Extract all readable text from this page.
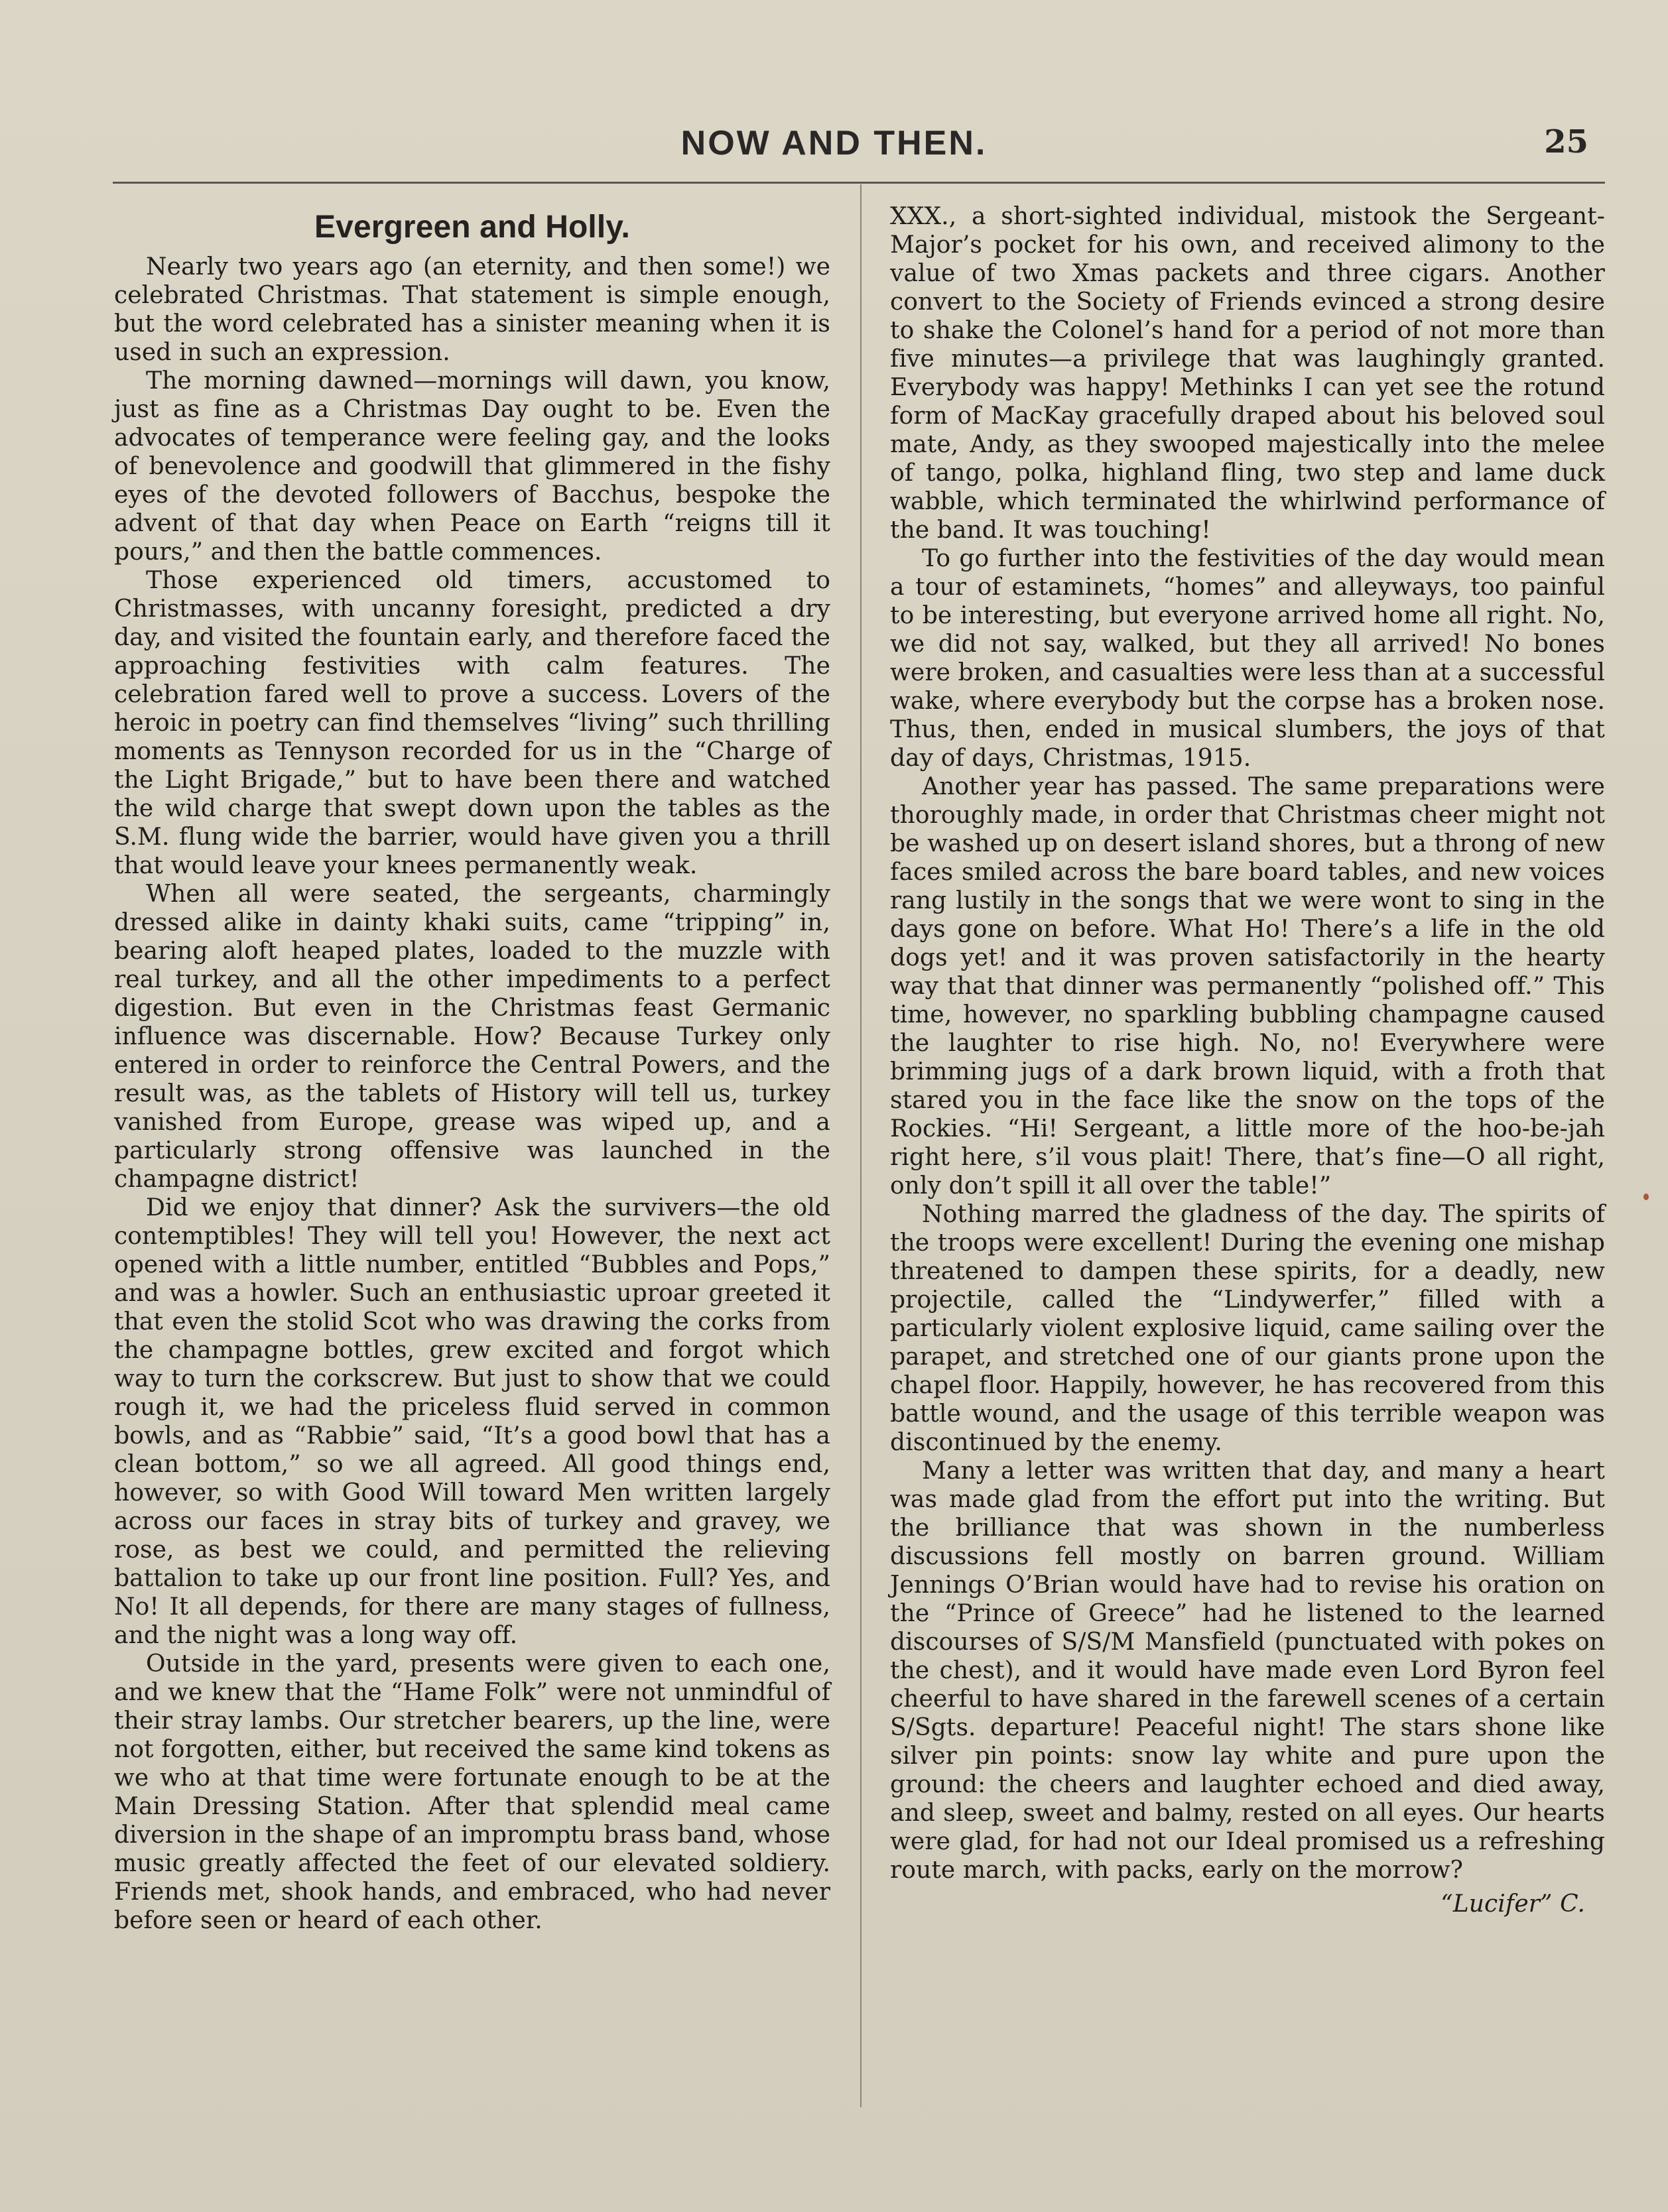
NOW AND THEN.	25
Evergreen and Holly.

Nearly two years ago (an eternity, and then some!) we celebrated Christmas. That statement is simple enough, but the word celebrated has a sinister meaning when it is used in such an expression.

The morning dawned—mornings will dawn, you know, just as fine as a Christmas Day ought to be. Even the advocates of temperance were feeling gay, and the looks of benevolence and goodwill that glimmered in the fishy eyes of the devoted followers of Bacchus, bespoke the advent of that day when Peace on Earth “reigns till it pours,” and then the battle commences.

Those experienced old timers, accustomed to Christmasses, with uncanny foresight, predicted a dry day, and visited the fountain early, and therefore faced the approaching festivities with calm features. The celebration fared well to prove a success. Lovers of the heroic in poetry can find themselves “living” such thrilling moments as Tennyson recorded for us in the “Charge of the Light Brigade,” but to have been there and watched the wild charge that swept down upon the tables as the S.M. flung wide the barrier, would have given you a thrill that would leave your knees permanently weak.

When all were seated, the sergeants, charmingly dressed alike in dainty khaki suits, came “tripping” in, bearing aloft heaped plates, loaded to the muzzle with real turkey, and all the other impediments to a perfect digestion. But even in the Christmas feast Germanic influence was discernable. How? Because Turkey only entered in order to reinforce the Central Powers, and the result was, as the tablets of History will tell us, turkey vanished from Europe, grease was wiped up, and a particularly strong offensive was launched in the champagne district!

Did we enjoy that dinner? Ask the survivers—the old contemptibles! They will tell you! However, the next act opened with a little number, entitled “Bubbles and Pops,” and was a howler. Such an enthusiastic uproar greeted it that even the stolid Scot who was drawing the corks from the champagne bottles, grew excited and forgot which way to turn the corkscrew. But just to show that we could rough it, we had the priceless fluid served in common bowls, and as “Rabbie” said, “It’s a good bowl that has a clean bottom,” so we all agreed. All good things end, however, so with Good Will toward Men written largely across our faces in stray bits of turkey and gravey, we rose, as best we could, and permitted the relieving battalion to take up our front line position. Full? Yes, and No! It all depends, for there are many stages of fullness, and the night was a long way off.

Outside in the yard, presents were given to each one, and we knew that the “Hame Folk” were not unmindful of their stray lambs. Our stretcher bearers, up the line, were not forgotten, either, but received the same kind tokens as we who at that time were fortunate enough to be at the Main Dressing Station. After that splendid meal came diversion in the shape of an impromptu brass band, whose music greatly affected the feet of our elevated soldiery. Friends met, shook hands, and embraced, who had never before seen or heard of each other.

XXX., a short-sighted individual, mistook the Sergeant-Major’s pocket for his own, and received alimony to the value of two Xmas packets and three cigars. Another convert to the Society of Friends evinced a strong desire to shake the Colonel’s hand for a period of not more than five minutes—a privilege that was laughingly granted. Everybody was happy! Methinks I can yet see the rotund form of MacKay gracefully draped about his beloved soul mate, Andy, as they swooped majestically into the melee of tango, polka, highland fling, two step and lame duck wabble, which terminated the whirlwind performance of the band. It was touching!

To go further into the festivities of the day would mean a tour of estaminets, “homes” and alleyways, too painful to be interesting, but everyone arrived home all right. No, we did not say, walked, but they all arrived! No bones were broken, and casualties were less than at a successful wake, where everybody but the corpse has a broken nose. Thus, then, ended in musical slumbers, the joys of that day of days, Christmas, 1915.

Another year has passed. The same preparations were thoroughly made, in order that Christmas cheer might not be washed up on desert island shores, but a throng of new faces smiled across the bare board tables, and new voices rang lustily in the songs that we were wont to sing in the days gone on before. What Ho! There’s a life in the old dogs yet! and it was proven satisfactorily in the hearty way that that dinner was permanently “polished off.” This time, however, no sparkling bubbling champagne caused the laughter to rise high. No, no! Everywhere were brimming jugs of a dark brown liquid, with a froth that stared you in the face like the snow on the tops of the Rockies. “Hi! Sergeant, a little more of the hoo-be-jah right here, s’il vous plait! There, that’s fine—O all right, only don’t spill it all over the table!”

Nothing marred the gladness of the day. The spirits of the troops were excellent! During the evening one mishap threatened to dampen these spirits, for a deadly, new projectile, called the “Lindywerfer,” filled with a particularly violent explosive liquid, came sailing over the parapet, and stretched one of our giants prone upon the chapel floor. Happily, however, he has recovered from this battle wound, and the usage of this terrible weapon was discontinued by the enemy.

Many a letter was written that day, and many a heart was made glad from the effort put into the writing. But the brilliance that was shown in the numberless discussions fell mostly on barren ground. William Jennings O’Brian would have had to revise his oration on the “Prince of Greece” had he listened to the learned discourses of S/S/M Mansfield (punctuated with pokes on the chest), and it would have made even Lord Byron feel cheerful to have shared in the farewell scenes of a certain S/Sgts. departure! Peaceful night! The stars shone like silver pin points: snow lay white and pure upon the ground: the cheers and laughter echoed and died away, and sleep, sweet and balmy, rested on all eyes. Our hearts were glad, for had not our Ideal promised us a refreshing route march, with packs, early on the morrow?

“Lucifer” C.
